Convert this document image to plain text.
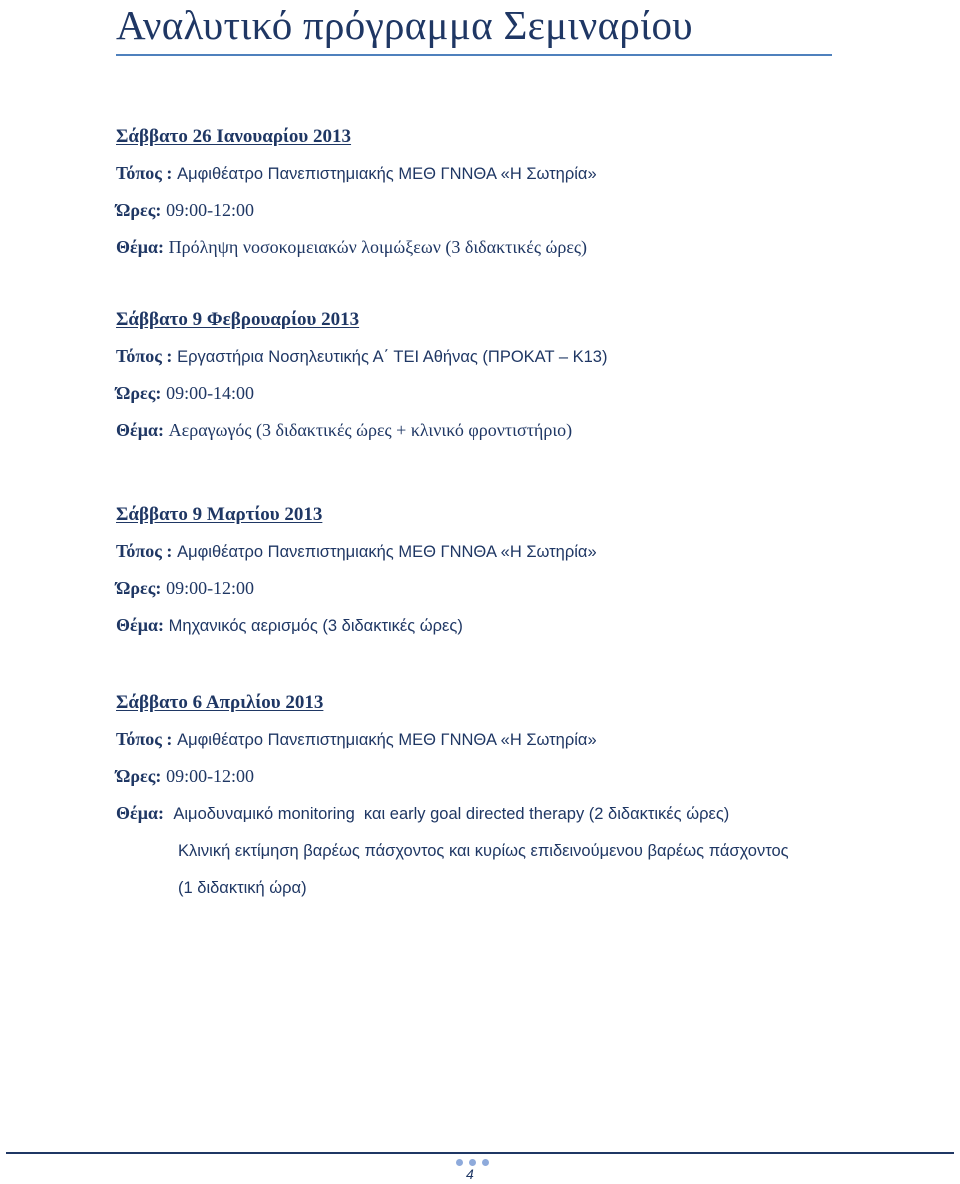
Αναλυτικό πρόγραμμα Σεμιναρίου
Σάββατο 26 Ιανουαρίου 2013
Τόπος : Αμφιθέατρο Πανεπιστημιακής ΜΕΘ ΓΝΝΘΑ «Η Σωτηρία»
Ώρες: 09:00-12:00
Θέμα: Πρόληψη νοσοκομειακών λοιμώξεων (3 διδακτικές ώρες)
Σάββατο 9 Φεβρουαρίου 2013
Τόπος : Εργαστήρια Νοσηλευτικής Α΄ ΤΕΙ Αθήνας (ΠΡΟΚΑΤ – Κ13)
Ώρες: 09:00-14:00
Θέμα: Αεραγωγός (3 διδακτικές ώρες + κλινικό φροντιστήριο)
Σάββατο 9 Μαρτίου 2013
Τόπος : Αμφιθέατρο Πανεπιστημιακής ΜΕΘ ΓΝΝΘΑ «Η Σωτηρία»
Ώρες: 09:00-12:00
Θέμα: Μηχανικός αερισμός (3 διδακτικές ώρες)
Σάββατο 6 Απριλίου 2013
Τόπος : Αμφιθέατρο Πανεπιστημιακής ΜΕΘ ΓΝΝΘΑ «Η Σωτηρία»
Ώρες: 09:00-12:00
Θέμα: Αιμοδυναμικό monitoring  και early goal directed therapy (2 διδακτικές ώρες)
Κλινική εκτίμηση βαρέως πάσχοντος και κυρίως επιδεινούμενου βαρέως πάσχοντος
(1 διδακτική ώρα)
4
